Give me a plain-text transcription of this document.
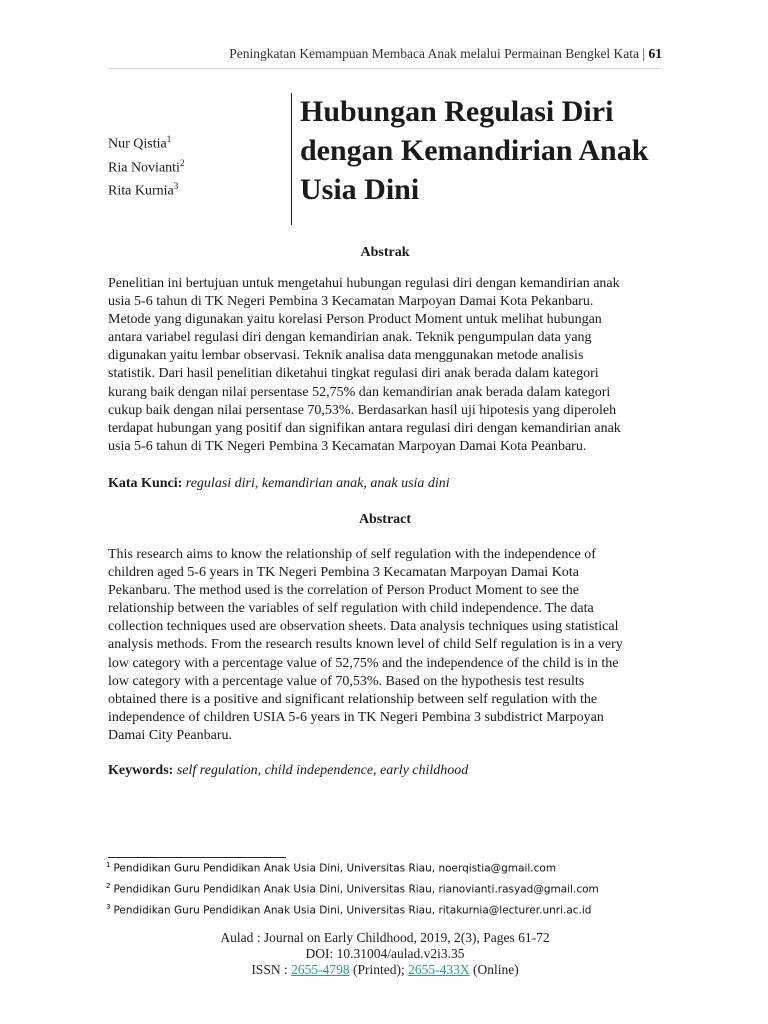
Peningkatan Kemampuan Membaca Anak melalui Permainan Bengkel Kata | 61
Nur Qistia$^1$
Ria Novianti$^2$
Rita Kurnia$^3$
Hubungan Regulasi Diri
dengan Kemandirian Anak
Usia Dini
Abstrak
Penelitian ini bertujuan untuk mengetahui hubungan regulasi diri dengan kemandirian anak
usia 5-6 tahun di TK Negeri Pembina 3 Kecamatan Marpoyan Damai Kota Pekanbaru.
Metode yang digunakan yaitu korelasi Person Product Moment untuk melihat hubungan
antara variabel regulasi diri dengan kemandirian anak. Teknik pengumpulan data yang
digunakan yaitu lembar observasi. Teknik analisa data menggunakan metode analisis
statistik. Dari hasil penelitian diketahui tingkat regulasi diri anak berada dalam kategori
kurang baik dengan nilai persentase 52,75% dan kemandirian anak berada dalam kategori
cukup baik dengan nilai persentase 70,53%. Berdasarkan hasil uji hipotesis yang diperoleh
terdapat hubungan yang positif dan signifikan antara regulasi diri dengan kemandirian anak
usia 5-6 tahun di TK Negeri Pembina 3 Kecamatan Marpoyan Damai Kota Peanbaru.
Kata Kunci: regulasi diri, kemandirian anak, anak usia dini
Abstract
This research aims to know the relationship of self regulation with the independence of
children aged 5-6 years in TK Negeri Pembina 3 Kecamatan Marpoyan Damai Kota
Pekanbaru. The method used is the correlation of Person Product Moment to see the
relationship between the variables of self regulation with child independence. The data
collection techniques used are observation sheets. Data analysis techniques using statistical
analysis methods. From the research results known level of child Self regulation is in a very
low category with a percentage value of 52,75% and the independence of the child is in the
low category with a percentage value of 70,53%. Based on the hypothesis test results
obtained there is a positive and significant relationship between self regulation with the
independence of children USIA 5-6 years in TK Negeri Pembina 3 subdistrict Marpoyan
Damai City Peanbaru.
Keywords: self regulation, child independence, early childhood
$^1$ Pendidikan Guru Pendidikan Anak Usia Dini, Universitas Riau, noerqistia@gmail.com
$^2$ Pendidikan Guru Pendidikan Anak Usia Dini, Universitas Riau, rianovianti.rasyad@gmail.com
$^3$ Pendidikan Guru Pendidikan Anak Usia Dini, Universitas Riau, ritakurnia@lecturer.unri.ac.id
Aulad : Journal on Early Childhood, 2019, 2(3), Pages 61-72
DOI: 10.31004/aulad.v2i3.35
ISSN : 2655-4798 (Printed); 2655-433X (Online)
